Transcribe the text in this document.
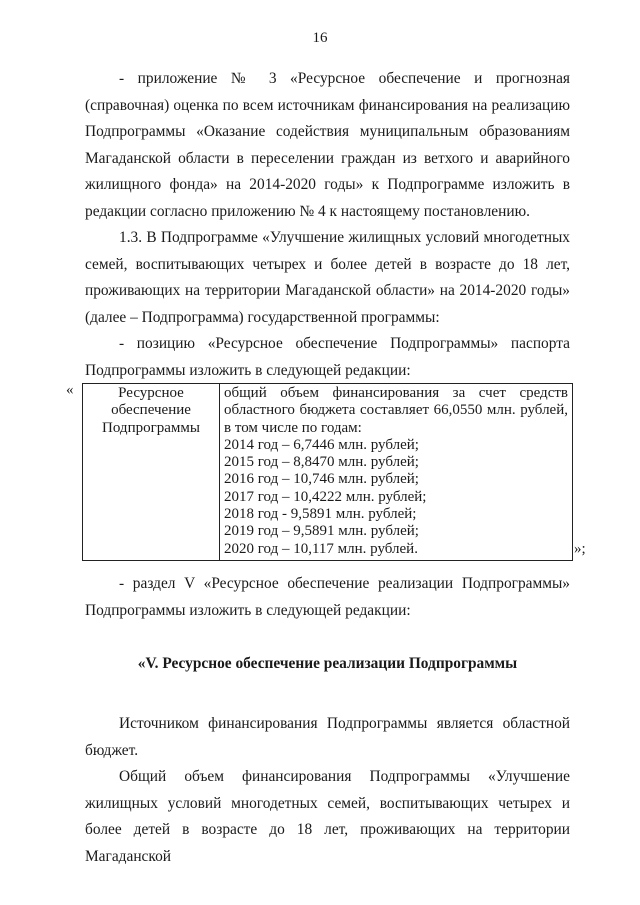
16

- приложение № 3 «Ресурсное обеспечение и прогнозная (справочная) оценка по всем источникам финансирования на реализацию Подпрограммы «Оказание содействия муниципальным образованиям Магаданской области в переселении граждан из ветхого и аварийного жилищного фонда» на 2014-2020 годы» к Подпрограмме изложить в редакции согласно приложению № 4 к настоящему постановлению.

1.3. В Подпрограмме «Улучшение жилищных условий многодетных семей, воспитывающих четырех и более детей в возрасте до 18 лет, проживающих на территории Магаданской области» на 2014-2020 годы» (далее – Подпрограмма) государственной программы:

- позицию «Ресурсное обеспечение Подпрограммы» паспорта Подпрограммы изложить в следующей редакции:

«	Ресурсное
обеспечение
Подпрограммы

общий объем финансирования за счет средств областного бюджета составляет 66,0550 млн. рублей, в том числе по годам:
2014 год – 6,7446 млн. рублей;
2015 год – 8,8470 млн. рублей;
2016 год – 10,746 млн. рублей;
2017 год – 10,4222 млн. рублей;
2018 год - 9,5891 млн. рублей;
2019 год – 9,5891 млн. рублей;
2020 год – 10,117 млн. рублей.	»;

- раздел V «Ресурсное обеспечение реализации Подпрограммы» Подпрограммы изложить в следующей редакции:

«V. Ресурсное обеспечение реализации Подпрограммы

Источником финансирования Подпрограммы является областной бюджет.

Общий объем финансирования Подпрограммы «Улучшение жилищных условий многодетных семей, воспитывающих четырех и более детей в возрасте до 18 лет, проживающих на территории Магаданской
